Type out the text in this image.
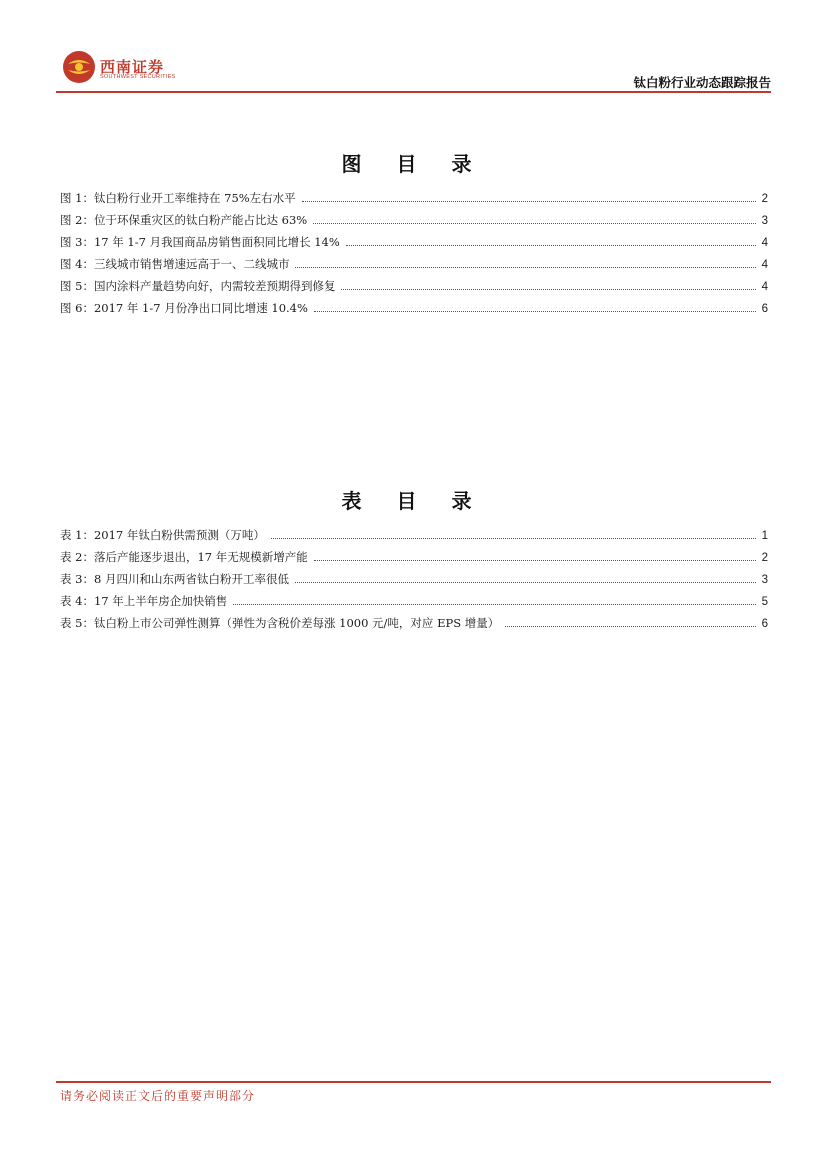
西南证券
SOUTHWEST SECURITIES	钛白粉行业动态跟踪报告
图 目 录
图 1：钛白粉行业开工率维持在 75%左右水平	2
图 2：位于环保重灾区的钛白粉产能占比达 63%	3
图 3：17 年 1-7 月我国商品房销售面积同比增长 14%	4
图 4：三线城市销售增速远高于一、二线城市	4
图 5：国内涂料产量趋势向好，内需较差预期得到修复	4
图 6：2017 年 1-7 月份净出口同比增速 10.4%	6
表 目 录
表 1：2017 年钛白粉供需预测（万吨）	1
表 2：落后产能逐步退出，17 年无规模新增产能	2
表 3：8 月四川和山东两省钛白粉开工率很低	3
表 4：17 年上半年房企加快销售	5
表 5：钛白粉上市公司弹性测算（弹性为含税价差每涨 1000 元/吨，对应 EPS 增量）	6
请务必阅读正文后的重要声明部分
